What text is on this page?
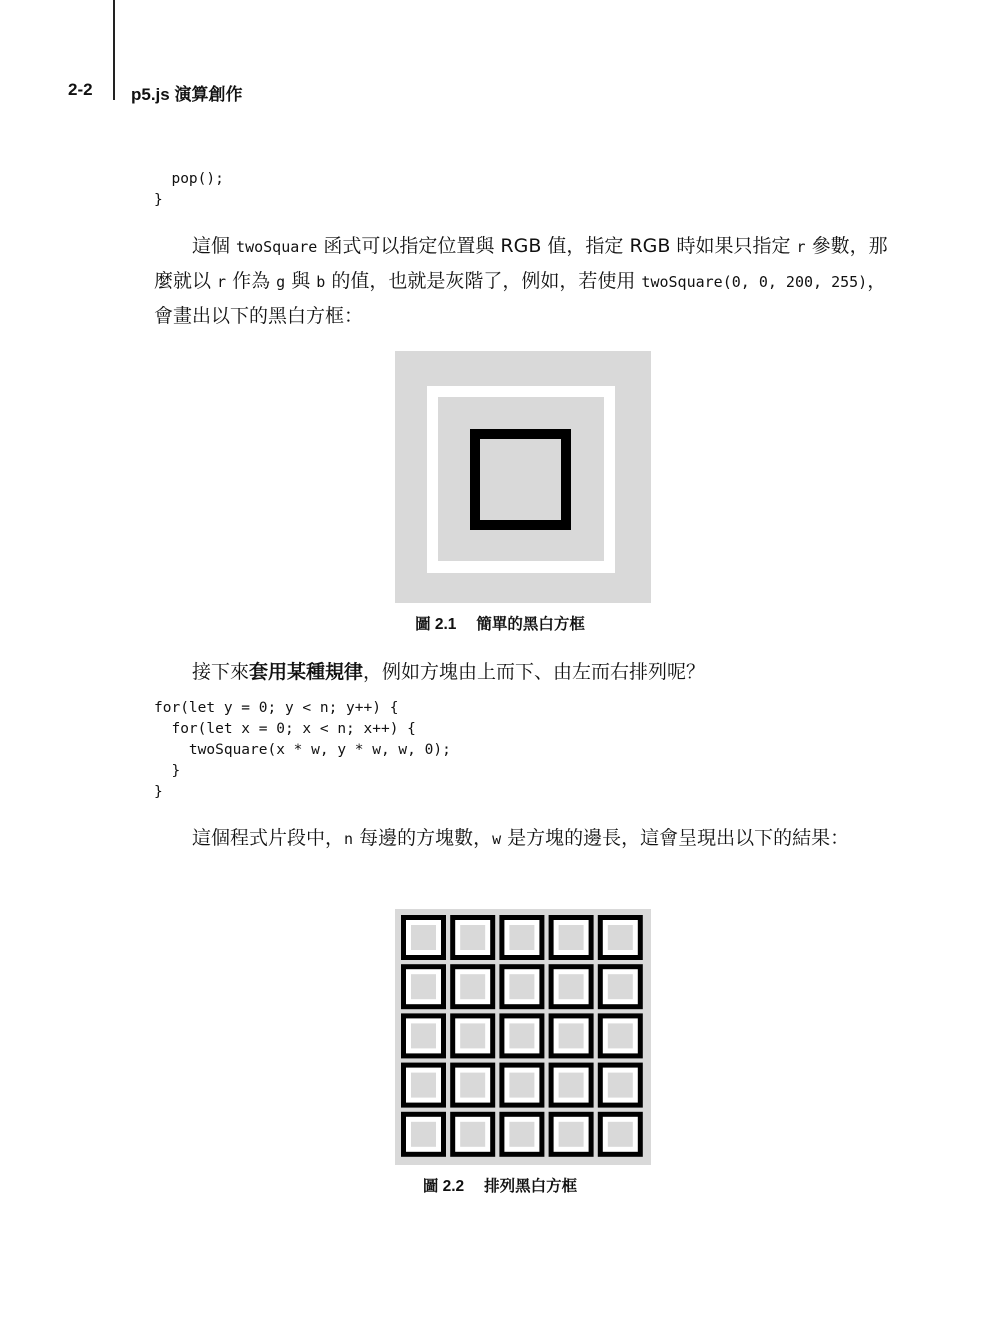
2-2 p5.js 演算創作
pop();
}
這個 twoSquare 函式可以指定位置與 RGB 值，指定 RGB 時如果只指定 r 參數，那麼就以 r 作為 g 與 b 的值，也就是灰階了，例如，若使用 twoSquare(0, 0, 200, 255)，會畫出以下的黑白方框：
圖 2.1 簡單的黑白方框
接下來套用某種規律，例如方塊由上而下、由左而右排列呢？
for(let y = 0; y < n; y++) {
for(let x = 0; x < n; x++) {
twoSquare(x * w, y * w, w, 0);
}
}
這個程式片段中，n 每邊的方塊數，w 是方塊的邊長，這會呈現出以下的結果：
圖 2.2 排列黑白方框
